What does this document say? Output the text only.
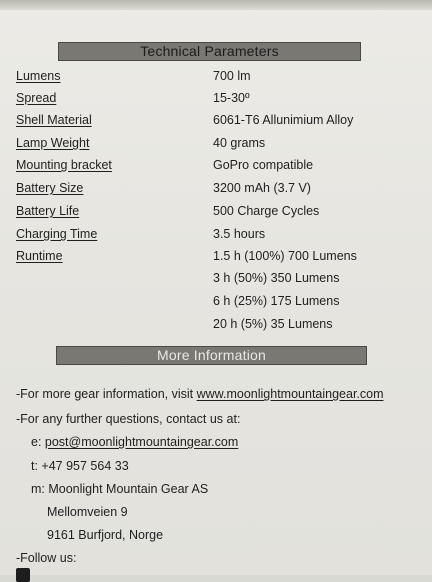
Technical Parameters
Lumens	700 lm
Spread	15-30º
Shell Material	6061-T6 Allunimium Alloy
Lamp Weight	40 grams
Mounting bracket	GoPro compatible
Battery Size	3200 mAh (3.7 V)
Battery Life	500 Charge Cycles
Charging Time	3.5 hours
Runtime	1.5 h (100%) 700 Lumens
3 h (50%) 350 Lumens
6 h (25%) 175 Lumens
20 h (5%) 35 Lumens
More Information
-For more gear information, visit www.moonlightmountaingear.com
-For any further questions, contact us at:
e: post@moonlightmountaingear.com
t: +47 957 564 33
m: Moonlight Mountain Gear AS
Mellomveien 9
9161 Burfjord, Norge
-Follow us:
